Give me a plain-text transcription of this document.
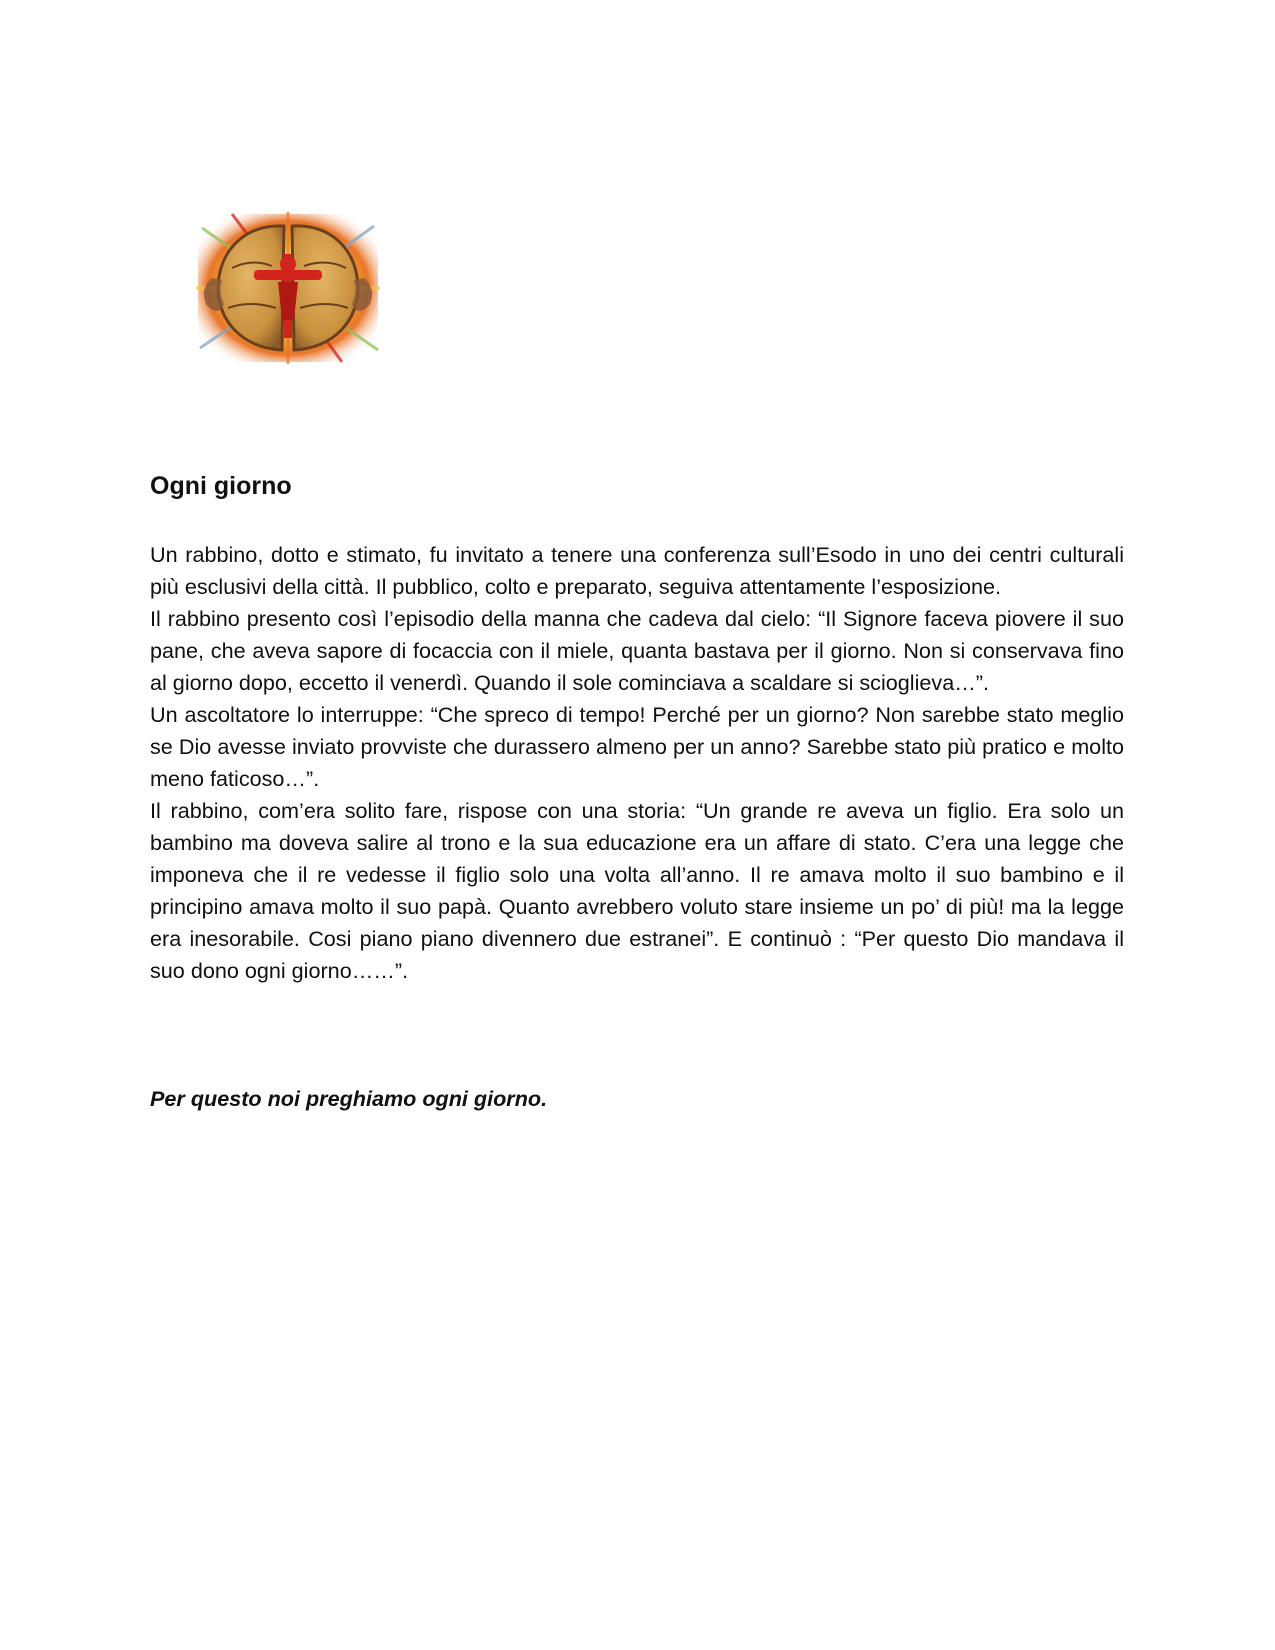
Ogni giorno

Un rabbino, dotto e stimato, fu invitato a tenere una conferenza sull’Esodo in uno dei centri culturali più esclusivi della città. Il pubblico, colto e preparato, seguiva attentamente l’esposizione.

Il rabbino presento così l’episodio della manna che cadeva dal cielo: “Il Signore faceva piovere il suo pane, che aveva sapore di focaccia con il miele, quanta bastava per il giorno. Non si conservava fino al giorno dopo, eccetto il venerdì. Quando il sole cominciava a scaldare si scioglieva…”.

Un ascoltatore lo interruppe: “Che spreco di tempo! Perché per un giorno? Non sarebbe stato meglio se Dio avesse inviato provviste che durassero almeno per un anno? Sarebbe stato più pratico e molto meno faticoso…”.

Il rabbino, com’era solito fare, rispose con una storia: “Un grande re aveva un figlio. Era solo un bambino ma doveva salire al trono e la sua educazione era un affare di stato. C’era una legge che imponeva che il re vedesse il figlio solo una volta all’anno. Il re amava molto il suo bambino e il principino amava molto il suo papà. Quanto avrebbero voluto stare insieme un po’ di più! ma la legge era inesorabile. Cosi piano piano divennero due estranei”. E continuò : “Per questo Dio mandava il suo dono ogni giorno……”.

Per questo noi preghiamo ogni giorno.
